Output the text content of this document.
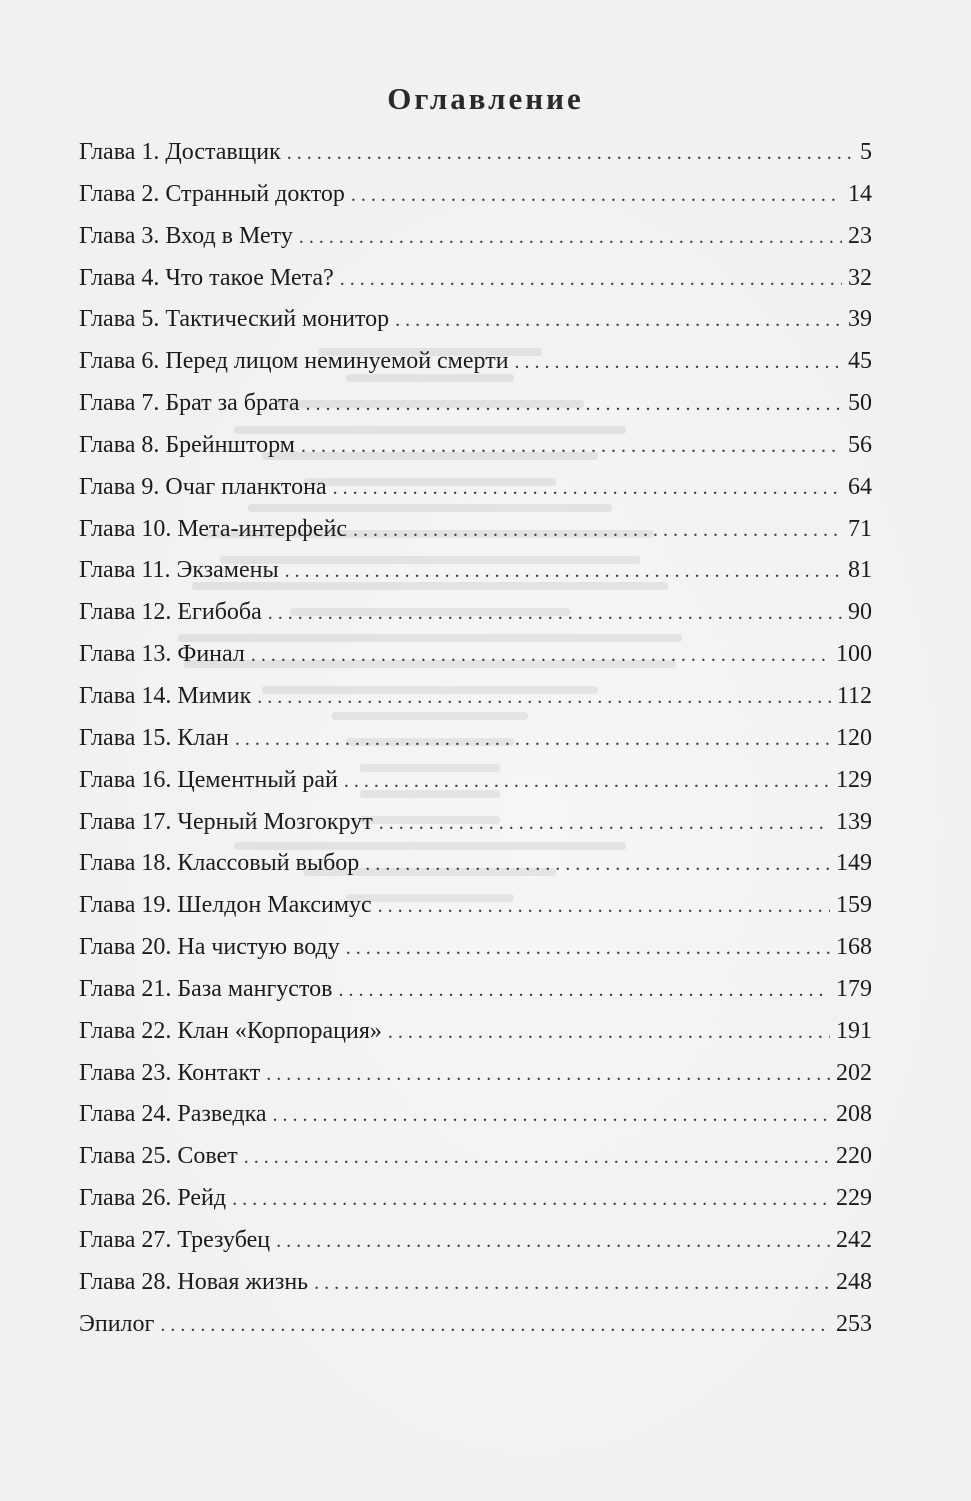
Оглавление
Глава 1. Доставщик . . .	5
Глава 2. Странный доктор . . .	14
Глава 3. Вход в Мету . . .	23
Глава 4. Что такое Мета? . . .	32
Глава 5. Тактический монитор . . .	39
Глава 6. Перед лицом неминуемой смерти . . .	45
Глава 7. Брат за брата . . .	50
Глава 8. Брейншторм . . .	56
Глава 9. Очаг планктона . . .	64
Глава 10. Мета-интерфейс . . .	71
Глава 11. Экзамены . . .	81
Глава 12. Егибоба . . .	90
Глава 13. Финал . . .	100
Глава 14. Мимик . . .	112
Глава 15. Клан . . .	120
Глава 16. Цементный рай . . .	129
Глава 17. Черный Мозгокрут . . .	139
Глава 18. Классовый выбор . . .	149
Глава 19. Шелдон Максимус . . .	159
Глава 20. На чистую воду . . .	168
Глава 21. База мангустов . . .	179
Глава 22. Клан «Корпорация» . . .	191
Глава 23. Контакт . . .	202
Глава 24. Разведка . . .	208
Глава 25. Совет . . .	220
Глава 26. Рейд . . .	229
Глава 27. Трезубец . . .	242
Глава 28. Новая жизнь . . .	248
Эпилог . . .	253
